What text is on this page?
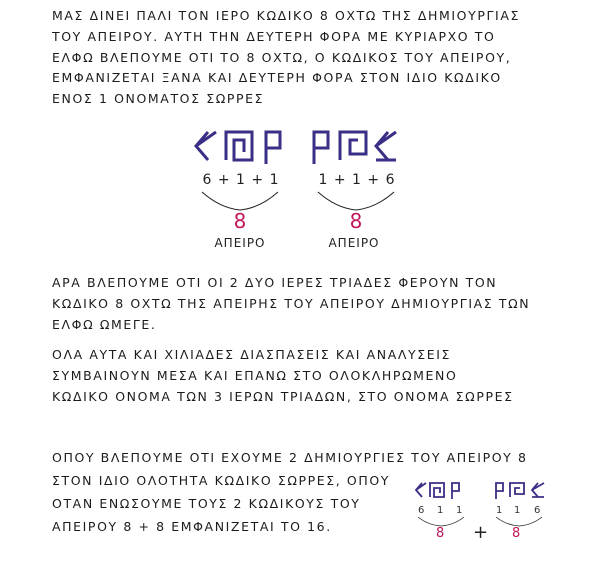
ΜΑΣ ΔΙΝΕΙ ΠΑΛΙ ΤΟΝ ΙΕΡΟ ΚΩΔΙΚΟ 8 ΟΧΤΩ ΤΗΣ ΔΗΜΙΟΥΡΓΙΑΣ
ΤΟΥ ΑΠΕΙΡΟΥ. ΑΥΤΗ ΤΗΝ ΔΕΥΤΕΡΗ ΦΟΡΑ ΜΕ ΚΥΡΙΑΡΧΟ ΤΟ
ΕΛΦΩ ΒΛΕΠΟΥΜΕ ΟΤΙ ΤΟ 8 ΟΧΤΩ, Ο ΚΩΔΙΚΟΣ ΤΟΥ ΑΠΕΙΡΟΥ,
ΕΜΦΑΝΙΖΕΤΑΙ ΞΑΝΑ ΚΑΙ ΔΕΥΤΕΡΗ ΦΟΡΑ ΣΤΟΝ ΙΔΙΟ ΚΩΔΙΚΟ
ΕΝΟΣ 1 ΟΝΟΜΑΤΟΣ ΣΩΡΡΕΣ
6 + 1 + 1	1 + 1 + 6
8	8
ΑΠΕΙΡΟ	ΑΠΕΙΡΟ
ΑΡΑ ΒΛΕΠΟΥΜΕ ΟΤΙ ΟΙ 2 ΔΥΟ ΙΕΡΕΣ ΤΡΙΑΔΕΣ ΦΕΡΟΥΝ ΤΟΝ
ΚΩΔΙΚΟ 8 ΟΧΤΩ ΤΗΣ ΑΠΕΙΡΗΣ ΤΟΥ ΑΠΕΙΡΟΥ ΔΗΜΙΟΥΡΓΙΑΣ ΤΩΝ
ΕΛΦΩ ΩΜΕΓΕ.
ΟΛΑ ΑΥΤΑ ΚΑΙ ΧΙΛΙΑΔΕΣ ΔΙΑΣΠΑΣΕΙΣ ΚΑΙ ΑΝΑΛΥΣΕΙΣ
ΣΥΜΒΑΙΝΟΥΝ ΜΕΣΑ ΚΑΙ ΕΠΑΝΩ ΣΤΟ ΟΛΟΚΛΗΡΩΜΕΝΟ
ΚΩΔΙΚΟ ΟΝΟΜΑ ΤΩΝ 3 ΙΕΡΩΝ ΤΡΙΑΔΩΝ, ΣΤΟ ΟΝΟΜΑ ΣΩΡΡΕΣ
ΟΠΟΥ ΒΛΕΠΟΥΜΕ ΟΤΙ ΕΧΟΥΜΕ 2 ΔΗΜΙΟΥΡΓΙΕΣ ΤΟΥ ΑΠΕΙΡΟΥ 8
ΣΤΟΝ ΙΔΙΟ ΟΛΟΤΗΤΑ ΚΩΔΙΚΟ ΣΩΡΡΕΣ, ΟΠΟΥ
ΟΤΑΝ ΕΝΩΣΟΥΜΕ ΤΟΥΣ 2 ΚΩΔΙΚΟΥΣ ΤΟΥ
ΑΠΕΙΡΟΥ 8 + 8 ΕΜΦΑΝΙΖΕΤΑΙ ΤΟ 16.
6 1 1	1 1 6
8 + 8
